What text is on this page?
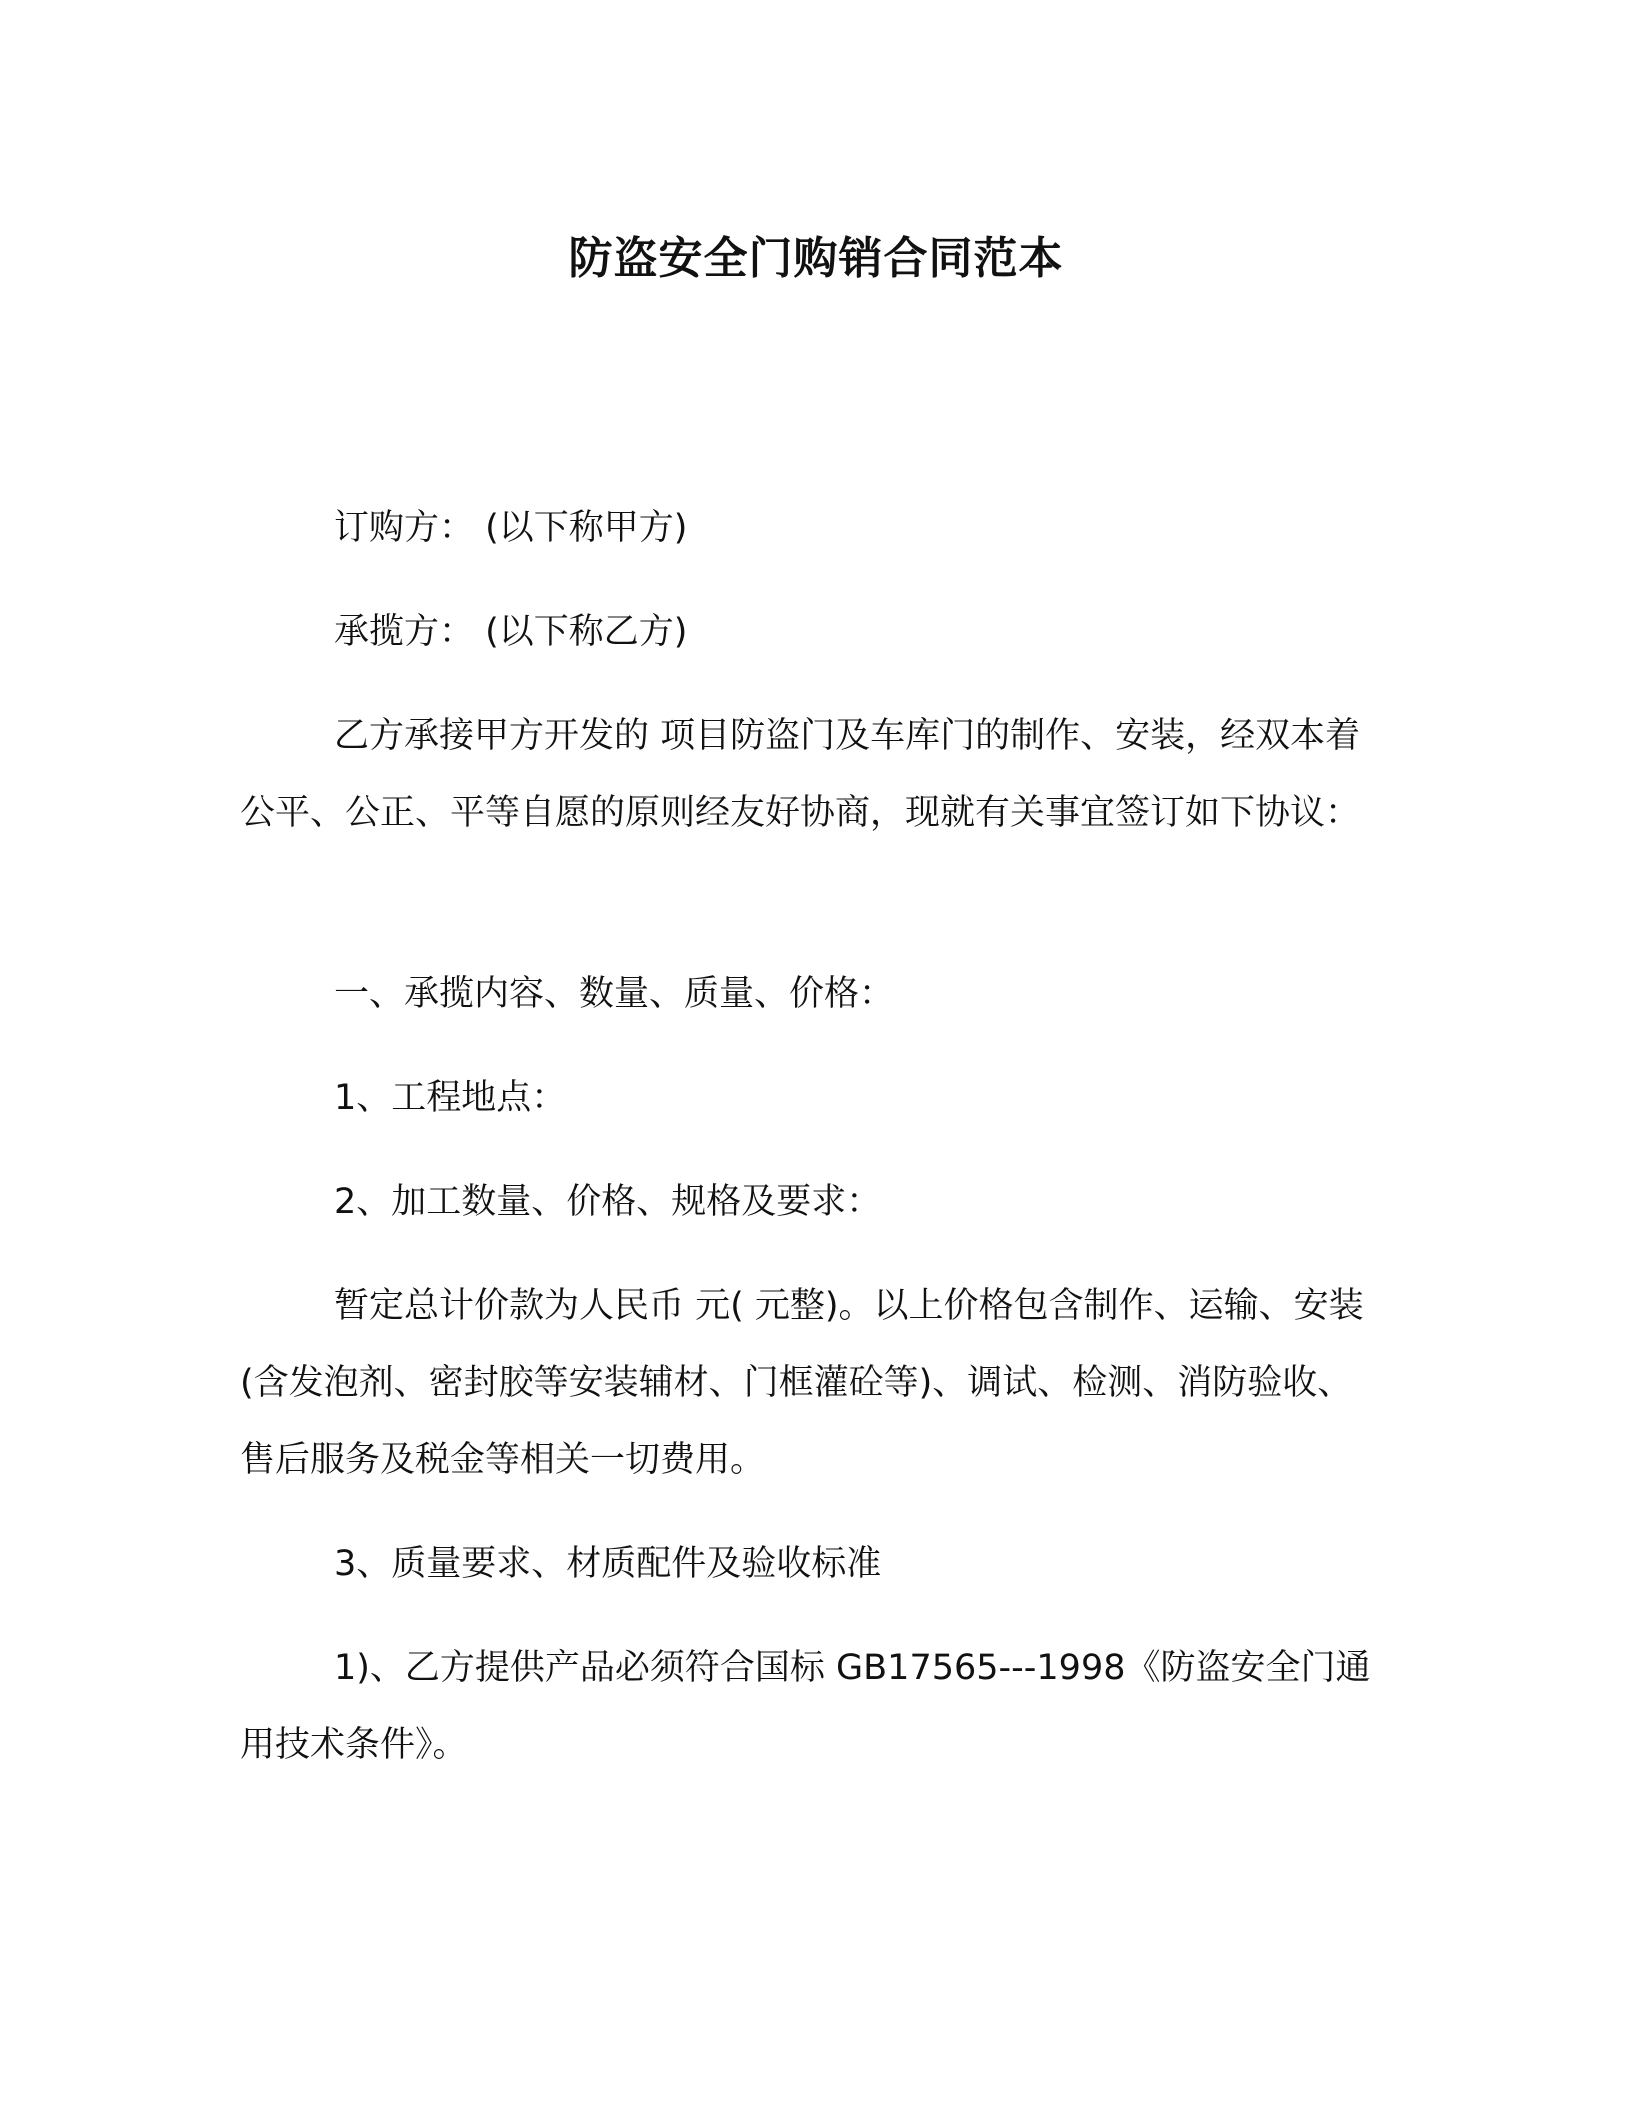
防盗安全门购销合同范本

订购方： (以下称甲方)

承揽方： (以下称乙方)

乙方承接甲方开发的 项目防盗门及车库门的制作、安装，经双本着公平、公正、平等自愿的原则经友好协商，现就有关事宜签订如下协议：

一、承揽内容、数量、质量、价格：

1、工程地点：

2、加工数量、价格、规格及要求：

暂定总计价款为人民币 元( 元整)。以上价格包含制作、运输、安装(含发泡剂、密封胶等安装辅材、门框灌砼等)、调试、检测、消防验收、售后服务及税金等相关一切费用。

3、质量要求、材质配件及验收标准

1)、乙方提供产品必须符合国标 GB17565---1998《防盗安全门通用技术条件》。
